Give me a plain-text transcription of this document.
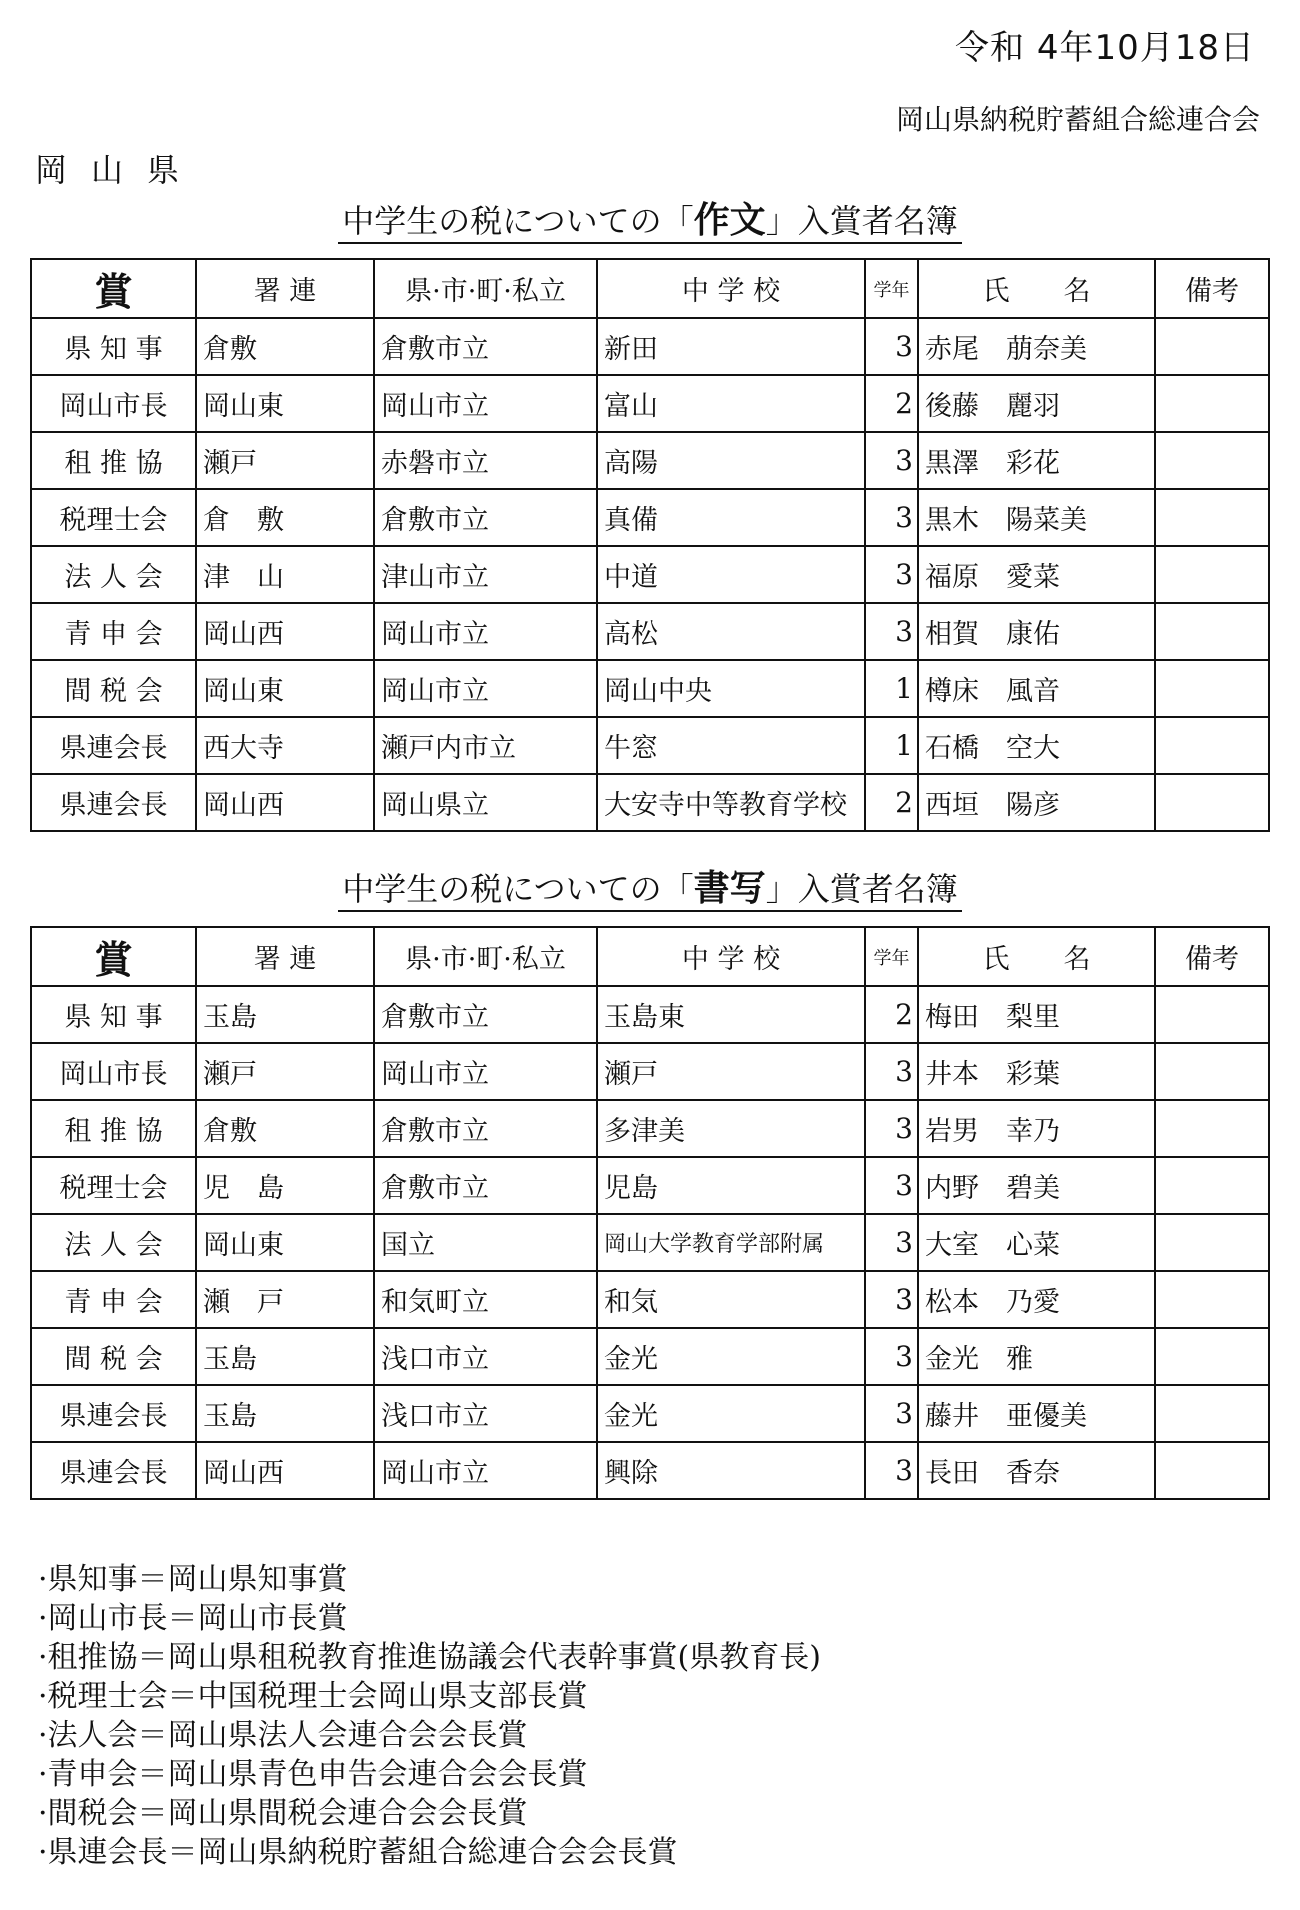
令和 4年10月18日
岡山県納税貯蓄組合総連合会
岡山県
中学生の税についての「作文」入賞者名簿
賞	署 連	県·市·町·私立	中 学 校	学年	氏　　名	備考
県 知 事	倉敷	倉敷市立	新田	3	赤尾　萠奈美	
岡山市長	岡山東	岡山市立	富山	2	後藤　麗羽	
租 推 協	瀬戸	赤磐市立	高陽	3	黒澤　彩花	
税理士会	倉　敷	倉敷市立	真備	3	黒木　陽菜美	
法 人 会	津　山	津山市立	中道	3	福原　愛菜	
青 申 会	岡山西	岡山市立	高松	3	相賀　康佑	
間 税 会	岡山東	岡山市立	岡山中央	1	樽床　風音	
県連会長	西大寺	瀬戸内市立	牛窓	1	石橋　空大	
県連会長	岡山西	岡山県立	大安寺中等教育学校	2	西垣　陽彦	
中学生の税についての「書写」入賞者名簿
賞	署 連	県·市·町·私立	中 学 校	学年	氏　　名	備考
県 知 事	玉島	倉敷市立	玉島東	2	梅田　梨里	
岡山市長	瀬戸	岡山市立	瀬戸	3	井本　彩葉	
租 推 協	倉敷	倉敷市立	多津美	3	岩男　幸乃	
税理士会	児　島	倉敷市立	児島	3	内野　碧美	
法 人 会	岡山東	国立	岡山大学教育学部附属	3	大室　心菜	
青 申 会	瀬　戸	和気町立	和気	3	松本　乃愛	
間 税 会	玉島	浅口市立	金光	3	金光　雅	
県連会長	玉島	浅口市立	金光	3	藤井　亜優美	
県連会長	岡山西	岡山市立	興除	3	長田　香奈	
·県知事＝岡山県知事賞
·岡山市長＝岡山市長賞
·租推協＝岡山県租税教育推進協議会代表幹事賞(県教育長)
·税理士会＝中国税理士会岡山県支部長賞
·法人会＝岡山県法人会連合会会長賞
·青申会＝岡山県青色申告会連合会会長賞
·間税会＝岡山県間税会連合会会長賞
·県連会長＝岡山県納税貯蓄組合総連合会会長賞
